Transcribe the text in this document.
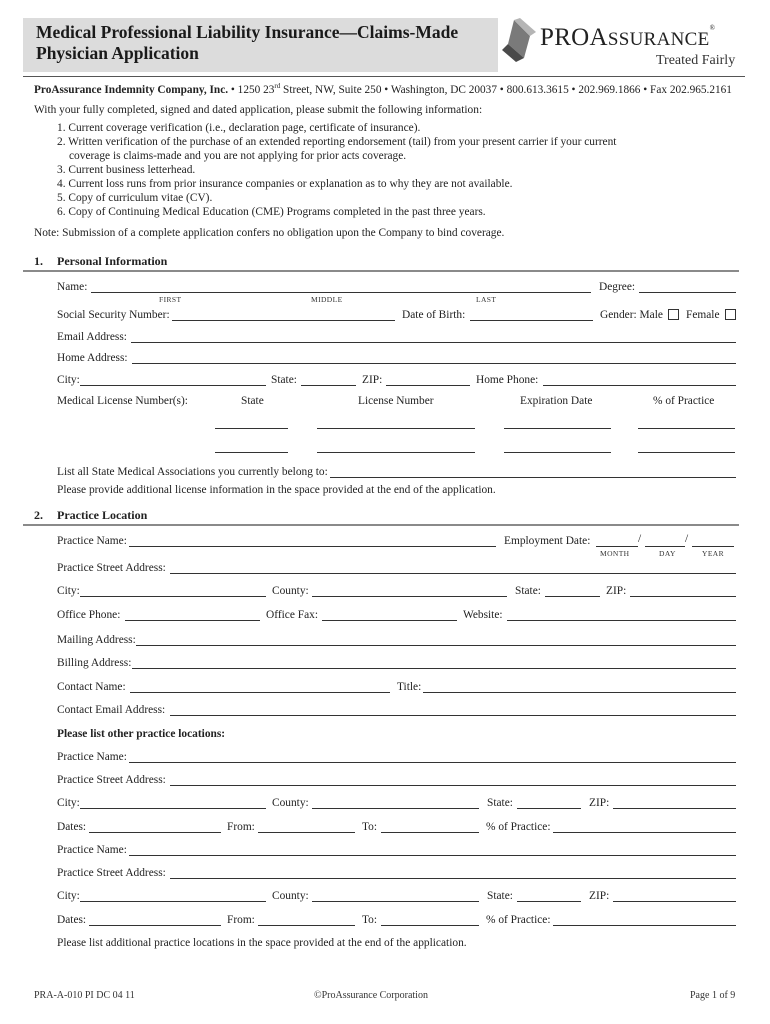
Medical Professional Liability Insurance—Claims-Made
Physician Application
PROASSURANCE®
Treated Fairly
ProAssurance Indemnity Company, Inc. • 1250 23rd Street, NW, Suite 250 • Washington, DC 20037 • 800.613.3615 • 202.969.1866 • Fax 202.965.2161
With your fully completed, signed and dated application, please submit the following information:
1. Current coverage verification (i.e., declaration page, certificate of insurance).
2. Written verification of the purchase of an extended reporting endorsement (tail) from your present carrier if your current
coverage is claims-made and you are not applying for prior acts coverage.
3. Current business letterhead.
4. Current loss runs from prior insurance companies or explanation as to why they are not available.
5. Copy of curriculum vitae (CV).
6. Copy of Continuing Medical Education (CME) Programs completed in the past three years.
Note: Submission of a complete application confers no obligation upon the Company to bind coverage.
1. Personal Information
Name:	Degree:
FIRST	MIDDLE	LAST
Social Security Number:	Date of Birth:	Gender: Male Female
Email Address:
Home Address:
City:	State:	ZIP:	Home Phone:
Medical License Number(s):	State	License Number	Expiration Date	% of Practice
List all State Medical Associations you currently belong to:
Please provide additional license information in the space provided at the end of the application.
2. Practice Location
Practice Name:	Employment Date:	/	/
MONTH	DAY	YEAR
Practice Street Address:
City:	County:	State:	ZIP:
Office Phone:	Office Fax:	Website:
Mailing Address:
Billing Address:
Contact Name:	Title:
Contact Email Address:
Please list other practice locations:
Practice Name:
Practice Street Address:
City:	County:	State:	ZIP:
Dates:	From:	To:	% of Practice:
Practice Name:
Practice Street Address:
City:	County:	State:	ZIP:
Dates:	From:	To:	% of Practice:
Please list additional practice locations in the space provided at the end of the application.
PRA-A-010 PI DC 04 11	©ProAssurance Corporation	Page 1 of 9
